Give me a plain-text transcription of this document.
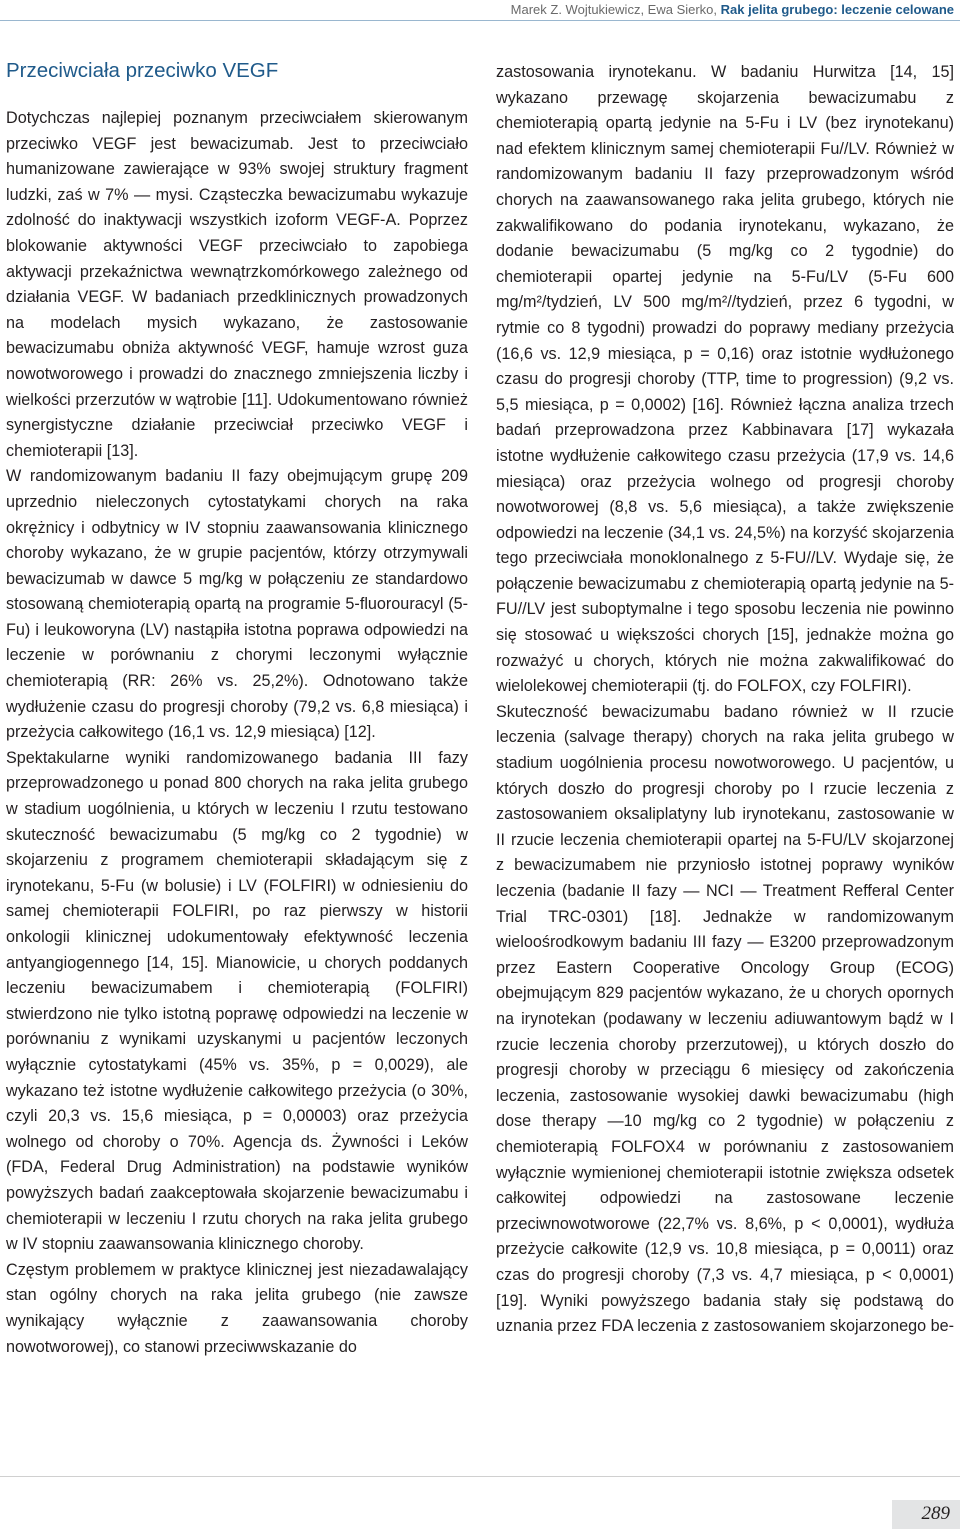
Marek Z. Wojtukiewicz, Ewa Sierko, Rak jelita grubego: leczenie celowane
Przeciwciała przeciwko VEGF

Dotychczas najlepiej poznanym przeciwciałem skierowanym przeciwko VEGF jest bewacizumab. Jest to przeciwciało humanizowane zawierające w 93% swojej struktury fragment ludzki, zaś w 7% — mysi. Cząsteczka bewacizumabu wykazuje zdolność do inaktywacji wszystkich izoform VEGF-A. Poprzez blokowanie aktywności VEGF przeciwciało to zapobiega aktywacji przekaźnictwa wewnątrzkomórkowego zależnego od działania VEGF. W badaniach przedklinicznych prowadzonych na modelach mysich wykazano, że zastosowanie bewacizumabu obniża aktywność VEGF, hamuje wzrost guza nowotworowego i prowadzi do znacznego zmniejszenia liczby i wielkości przerzutów w wątrobie [11]. Udokumentowano również synergistyczne działanie przeciwciał przeciwko VEGF i chemioterapii [13].

W randomizowanym badaniu II fazy obejmującym grupę 209 uprzednio nieleczonych cytostatykami chorych na raka okrężnicy i odbytnicy w IV stopniu zaawansowania klinicznego choroby wykazano, że w grupie pacjentów, którzy otrzymywali bewacizumab w dawce 5 mg/kg w połączeniu ze standardowo stosowaną chemioterapią opartą na programie 5-fluorouracyl (5-Fu) i leukoworyna (LV) nastąpiła istotna poprawa odpowiedzi na leczenie w porównaniu z chorymi leczonymi wyłącznie chemioterapią (RR: 26% vs. 25,2%). Odnotowano także wydłużenie czasu do progresji choroby (79,2 vs. 6,8 miesiąca) i przeżycia całkowitego (16,1 vs. 12,9 miesiąca) [12].

Spektakularne wyniki randomizowanego badania III fazy przeprowadzonego u ponad 800 chorych na raka jelita grubego w stadium uogólnienia, u których w leczeniu I rzutu testowano skuteczność bewacizumabu (5 mg/kg co 2 tygodnie) w skojarzeniu z programem chemioterapii składającym się z irynotekanu, 5-Fu (w bolusie) i LV (FOLFIRI) w odniesieniu do samej chemioterapii FOLFIRI, po raz pierwszy w historii onkologii klinicznej udokumentowały efektywność leczenia antyangiogennego [14, 15]. Mianowicie, u chorych poddanych leczeniu bewacizumabem i chemioterapią (FOLFIRI) stwierdzono nie tylko istotną poprawę odpowiedzi na leczenie w porównaniu z wynikami uzyskanymi u pacjentów leczonych wyłącznie cytostatykami (45% vs. 35%, p = 0,0029), ale wykazano też istotne wydłużenie całkowitego przeżycia (o 30%, czyli 20,3 vs. 15,6 miesiąca, p = 0,00003) oraz przeżycia wolnego od choroby o 70%. Agencja ds. Żywności i Leków (FDA, Federal Drug Administration) na podstawie wyników powyższych badań zaakceptowała skojarzenie bewacizumabu i chemioterapii w leczeniu I rzutu chorych na raka jelita grubego w IV stopniu zaawansowania klinicznego choroby.

Częstym problemem w praktyce klinicznej jest niezadawalający stan ogólny chorych na raka jelita grubego (nie zawsze wynikający wyłącznie z zaawansowania choroby nowotworowej), co stanowi przeciwwskazanie do

zastosowania irynotekanu. W badaniu Hurwitza [14, 15] wykazano przewagę skojarzenia bewacizumabu z chemioterapią opartą jedynie na 5-Fu i LV (bez irynotekanu) nad efektem klinicznym samej chemioterapii Fu//LV. Również w randomizowanym badaniu II fazy przeprowadzonym wśród chorych na zaawansowanego raka jelita grubego, których nie zakwalifikowano do podania irynotekanu, wykazano, że dodanie bewacizumabu (5 mg/kg co 2 tygodnie) do chemioterapii opartej jedynie na 5-Fu/LV (5-Fu 600 mg/m²/tydzień, LV 500 mg/m²//tydzień, przez 6 tygodni, w rytmie co 8 tygodni) prowadzi do poprawy mediany przeżycia (16,6 vs. 12,9 miesiąca, p = 0,16) oraz istotnie wydłużonego czasu do progresji choroby (TTP, time to progression) (9,2 vs. 5,5 miesiąca, p = 0,0002) [16]. Również łączna analiza trzech badań przeprowadzona przez Kabbinavara [17] wykazała istotne wydłużenie całkowitego czasu przeżycia (17,9 vs. 14,6 miesiąca) oraz przeżycia wolnego od progresji choroby nowotworowej (8,8 vs. 5,6 miesiąca), a także zwiększenie odpowiedzi na leczenie (34,1 vs. 24,5%) na korzyść skojarzenia tego przeciwciała monoklonalnego z 5-FU//LV. Wydaje się, że połączenie bewacizumabu z chemioterapią opartą jedynie na 5-FU//LV jest suboptymalne i tego sposobu leczenia nie powinno się stosować u większości chorych [15], jednakże można go rozważyć u chorych, których nie można zakwalifikować do wielolekowej chemioterapii (tj. do FOLFOX, czy FOLFIRI).

Skuteczność bewacizumabu badano również w II rzucie leczenia (salvage therapy) chorych na raka jelita grubego w stadium uogólnienia procesu nowotworowego. U pacjentów, u których doszło do progresji choroby po I rzucie leczenia z zastosowaniem oksaliplatyny lub irynotekanu, zastosowanie w II rzucie leczenia chemioterapii opartej na 5-FU/LV skojarzonej z bewacizumabem nie przyniosło istotnej poprawy wyników leczenia (badanie II fazy — NCI — Treatment Refferal Center Trial TRC-0301) [18]. Jednakże w randomizowanym wieloośrodkowym badaniu III fazy — E3200 przeprowadzonym przez Eastern Cooperative Oncology Group (ECOG) obejmującym 829 pacjentów wykazano, że u chorych opornych na irynotekan (podawany w leczeniu adiuwantowym bądź w I rzucie leczenia choroby przerzutowej), u których doszło do progresji choroby w przeciągu 6 miesięcy od zakończenia leczenia, zastosowanie wysokiej dawki bewacizumabu (high dose therapy —10 mg/kg co 2 tygodnie) w połączeniu z chemioterapią FOLFOX4 w porównaniu z zastosowaniem wyłącznie wymienionej chemioterapii istotnie zwiększa odsetek całkowitej odpowiedzi na zastosowane leczenie przeciwnowotworowe (22,7% vs. 8,6%, p < 0,0001), wydłuża przeżycie całkowite (12,9 vs. 10,8 miesiąca, p = 0,0011) oraz czas do progresji choroby (7,3 vs. 4,7 miesiąca, p < 0,0001) [19]. Wyniki powyższego badania stały się podstawą do uznania przez FDA leczenia z zastosowaniem skojarzonego be-

289
